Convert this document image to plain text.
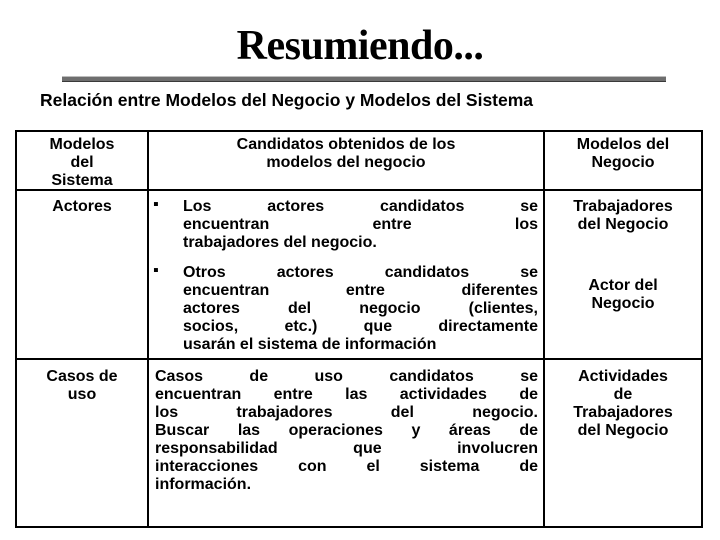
Resumiendo...
Relación entre Modelos del Negocio y Modelos del Sistema
Modelos
del
Sistema
Candidatos obtenidos de los
modelos del negocio
Modelos del
Negocio
Actores	▪ Los actores candidatos se
encuentran entre los
trabajadores del negocio.
▪ Otros actores candidatos se
encuentran entre diferentes
actores del negocio (clientes,
socios, etc.) que directamente
usarán el sistema de información
Trabajadores
del Negocio
Actor del
Negocio
Casos de
uso
Casos de uso candidatos se
encuentran entre las actividades de
los trabajadores del negocio.
Buscar las operaciones y áreas de
responsabilidad que involucren
interacciones con el sistema de
información.
Actividades
de
Trabajadores
del Negocio
